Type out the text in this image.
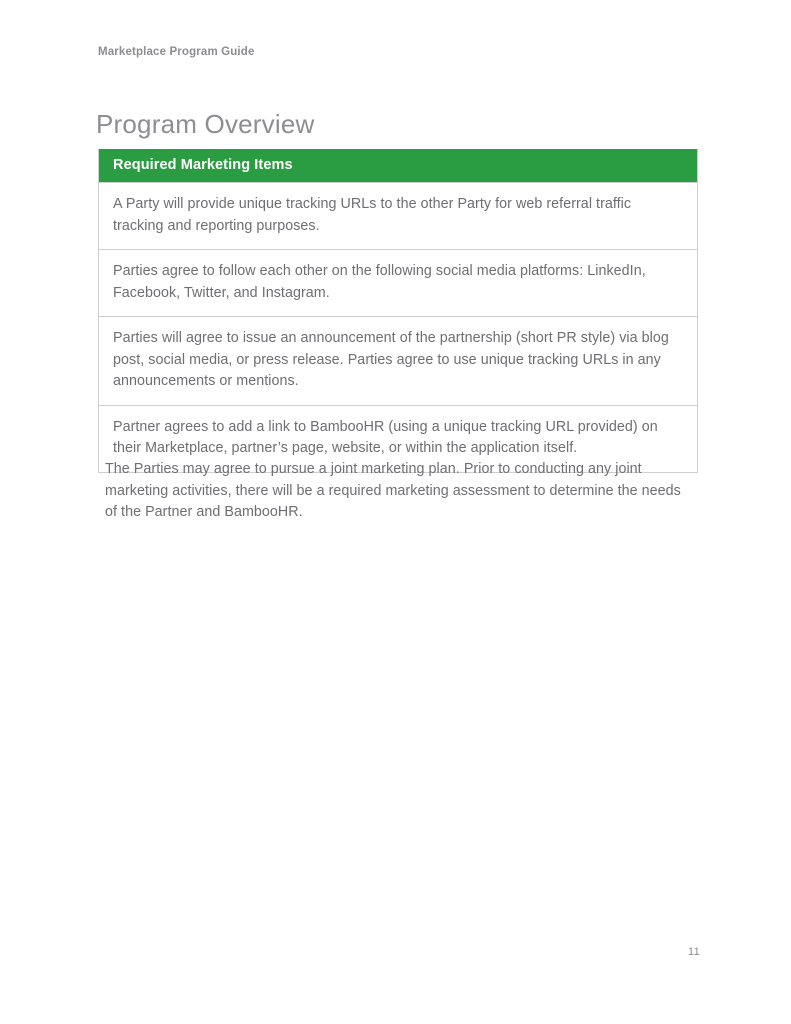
Marketplace Program Guide
Program Overview
Required Marketing Items
A Party will provide unique tracking URLs to the other Party for web referral traffic tracking and reporting purposes.
Parties agree to follow each other on the following social media platforms: LinkedIn, Facebook, Twitter, and Instagram.
Parties will agree to issue an announcement of the partnership (short PR style) via blog post, social media, or press release. Parties agree to use unique tracking URLs in any announcements or mentions.
Partner agrees to add a link to BambooHR (using a unique tracking URL provided) on their Marketplace, partner’s page, website, or within the application itself.

The Parties may agree to pursue a joint marketing plan. Prior to conducting any joint marketing activities, there will be a required marketing assessment to determine the needs of the Partner and BambooHR.

11
